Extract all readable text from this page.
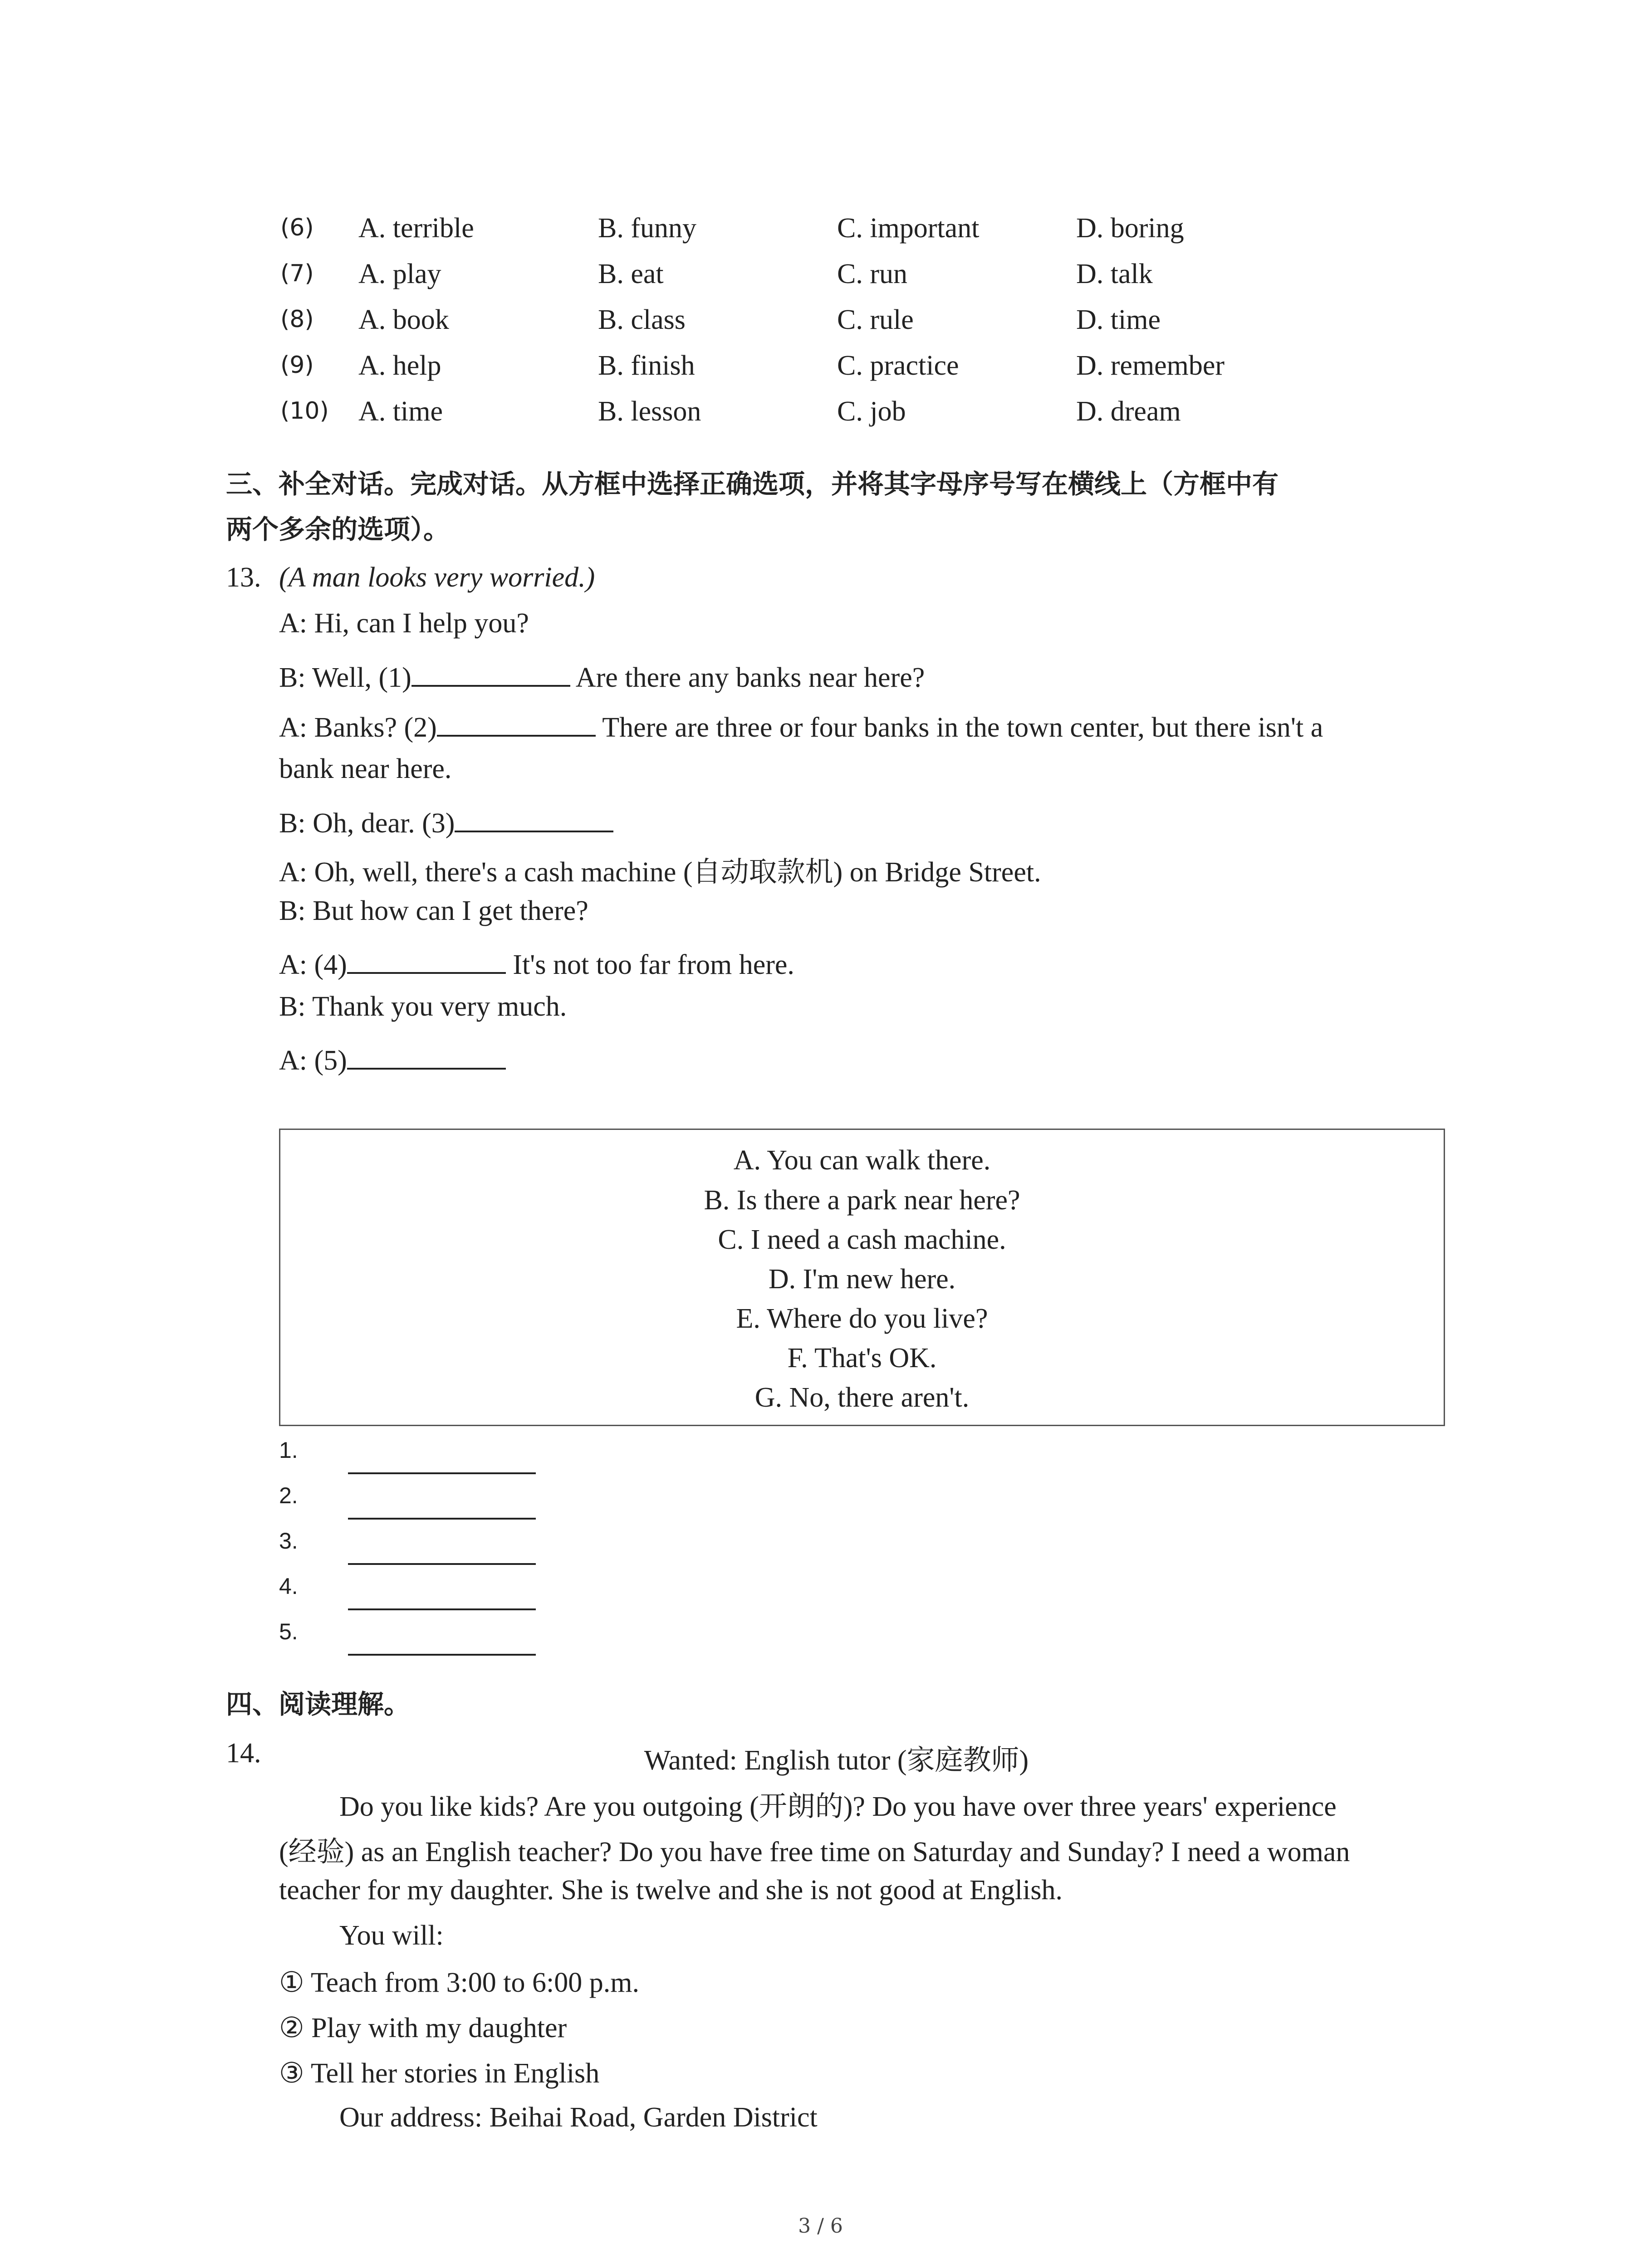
(6) A. terrible	B. funny	C. important	D. boring
(7) A. play	B. eat	C. run	D. talk
(8) A. book	B. class	C. rule	D. time
(9) A. help	B. finish	C. practice	D. remember
(10) A. time	B. lesson	C. job	D. dream
三、补全对话。完成对话。从方框中选择正确选项，并将其字母序号写在横线上（方框中有
两个多余的选项）。
13. (A man looks very worried.)
A: Hi, can I help you?
B: Well, (1)	Are there any banks near here?
A: Banks? (2)	There are three or four banks in the town center, but there isn't a
bank near here.
B: Oh, dear. (3)
A: Oh, well, there's a cash machine (自动取款机) on Bridge Street.
B: But how can I get there?
A: (4)	It's not too far from here.
B: Thank you very much.
A: (5)
A. You can walk there.
B. Is there a park near here?
C. I need a cash machine.
D. I'm new here.
E. Where do you live?
F. That's OK.
G. No, there aren't.
1.
2.
3.
4.
5.
四、阅读理解。
14.	Wanted: English tutor (家庭教师)
Do you like kids? Are you outgoing (开朗的)? Do you have over three years' experience
(经验) as an English teacher? Do you have free time on Saturday and Sunday? I need a woman
teacher for my daughter. She is twelve and she is not good at English.
You will:
① Teach from 3:00 to 6:00 p.m.
② Play with my daughter
③ Tell her stories in English
Our address: Beihai Road, Garden District
3 / 6
